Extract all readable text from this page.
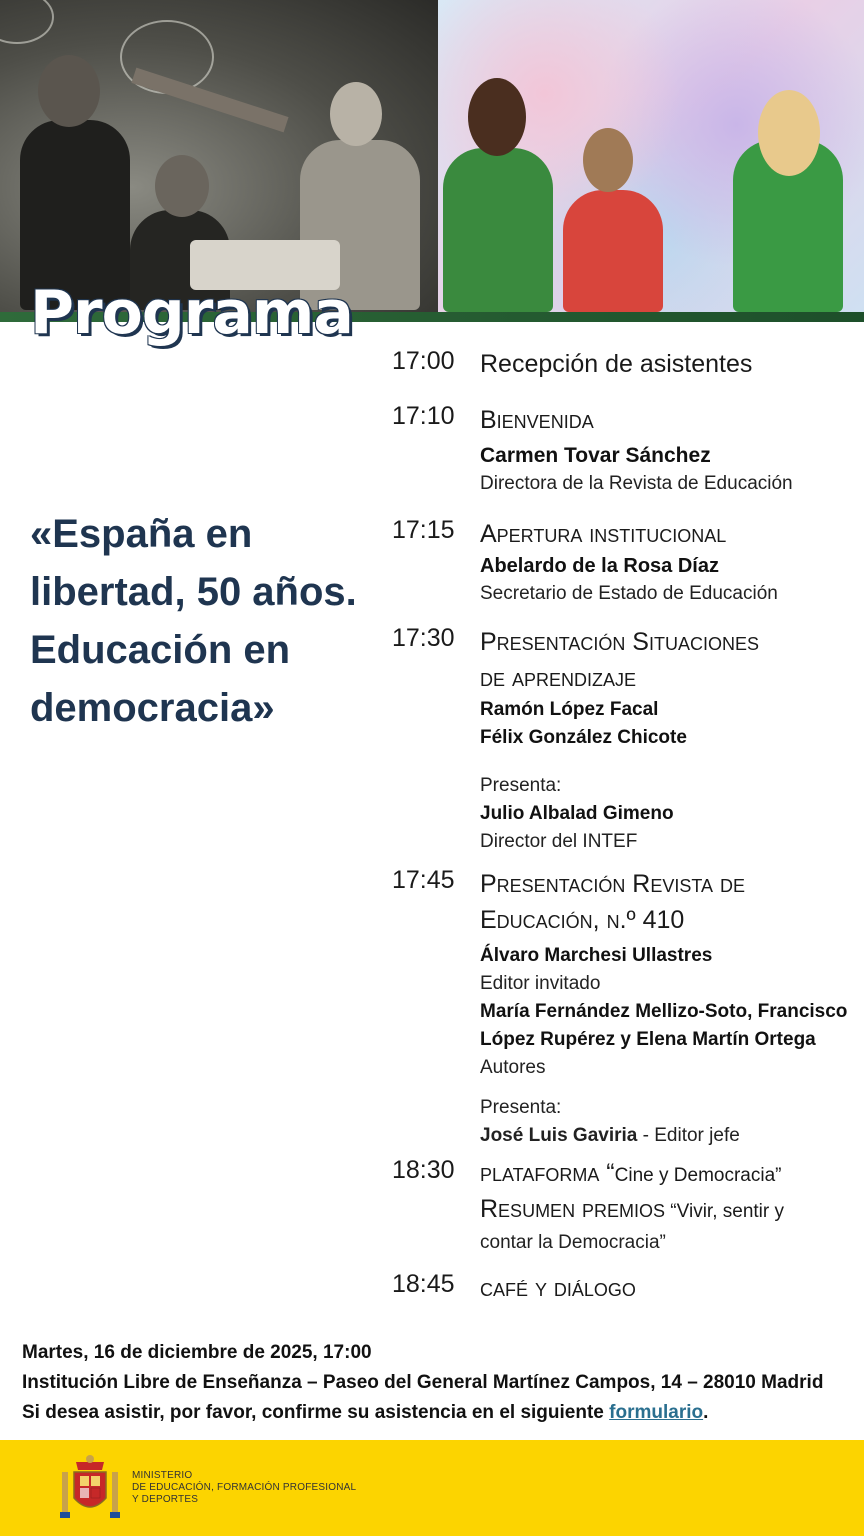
Programa
«España en libertad, 50 años. Educación en democracia»
17:00 Recepción de asistentes

17:10 Bienvenida

Carmen Tovar Sánchez

Directora de la Revista de Educación

17:15 Apertura institucional

Abelardo de la Rosa Díaz

Secretario de Estado de Educación

17:30 Presentación Situaciones

de aprendizaje

Ramón López Facal

Félix González Chicote

Presenta:

Julio Albalad Gimeno

Director del INTEF

17:45 Presentación Revista de

Educación, n.º 410

Álvaro Marchesi Ullastres

Editor invitado

María Fernández Mellizo-Soto, Francisco

López Rupérez y Elena Martín Ortega

Autores

Presenta:

José Luis Gaviria - Editor jefe

18:30 plataforma “Cine y Democracia”

Resumen premios “Vivir, sentir y

contar la Democracia”

18:45 café y diálogo

Martes, 16 de diciembre de 2025, 17:00

Institución Libre de Enseñanza – Paseo del General Martínez Campos, 14 – 28010 Madrid

Si desea asistir, por favor, confirme su asistencia en el siguiente formulario.

MINISTERIO
DE EDUCACIÓN, FORMACIÓN PROFESIONAL
Y DEPORTES
